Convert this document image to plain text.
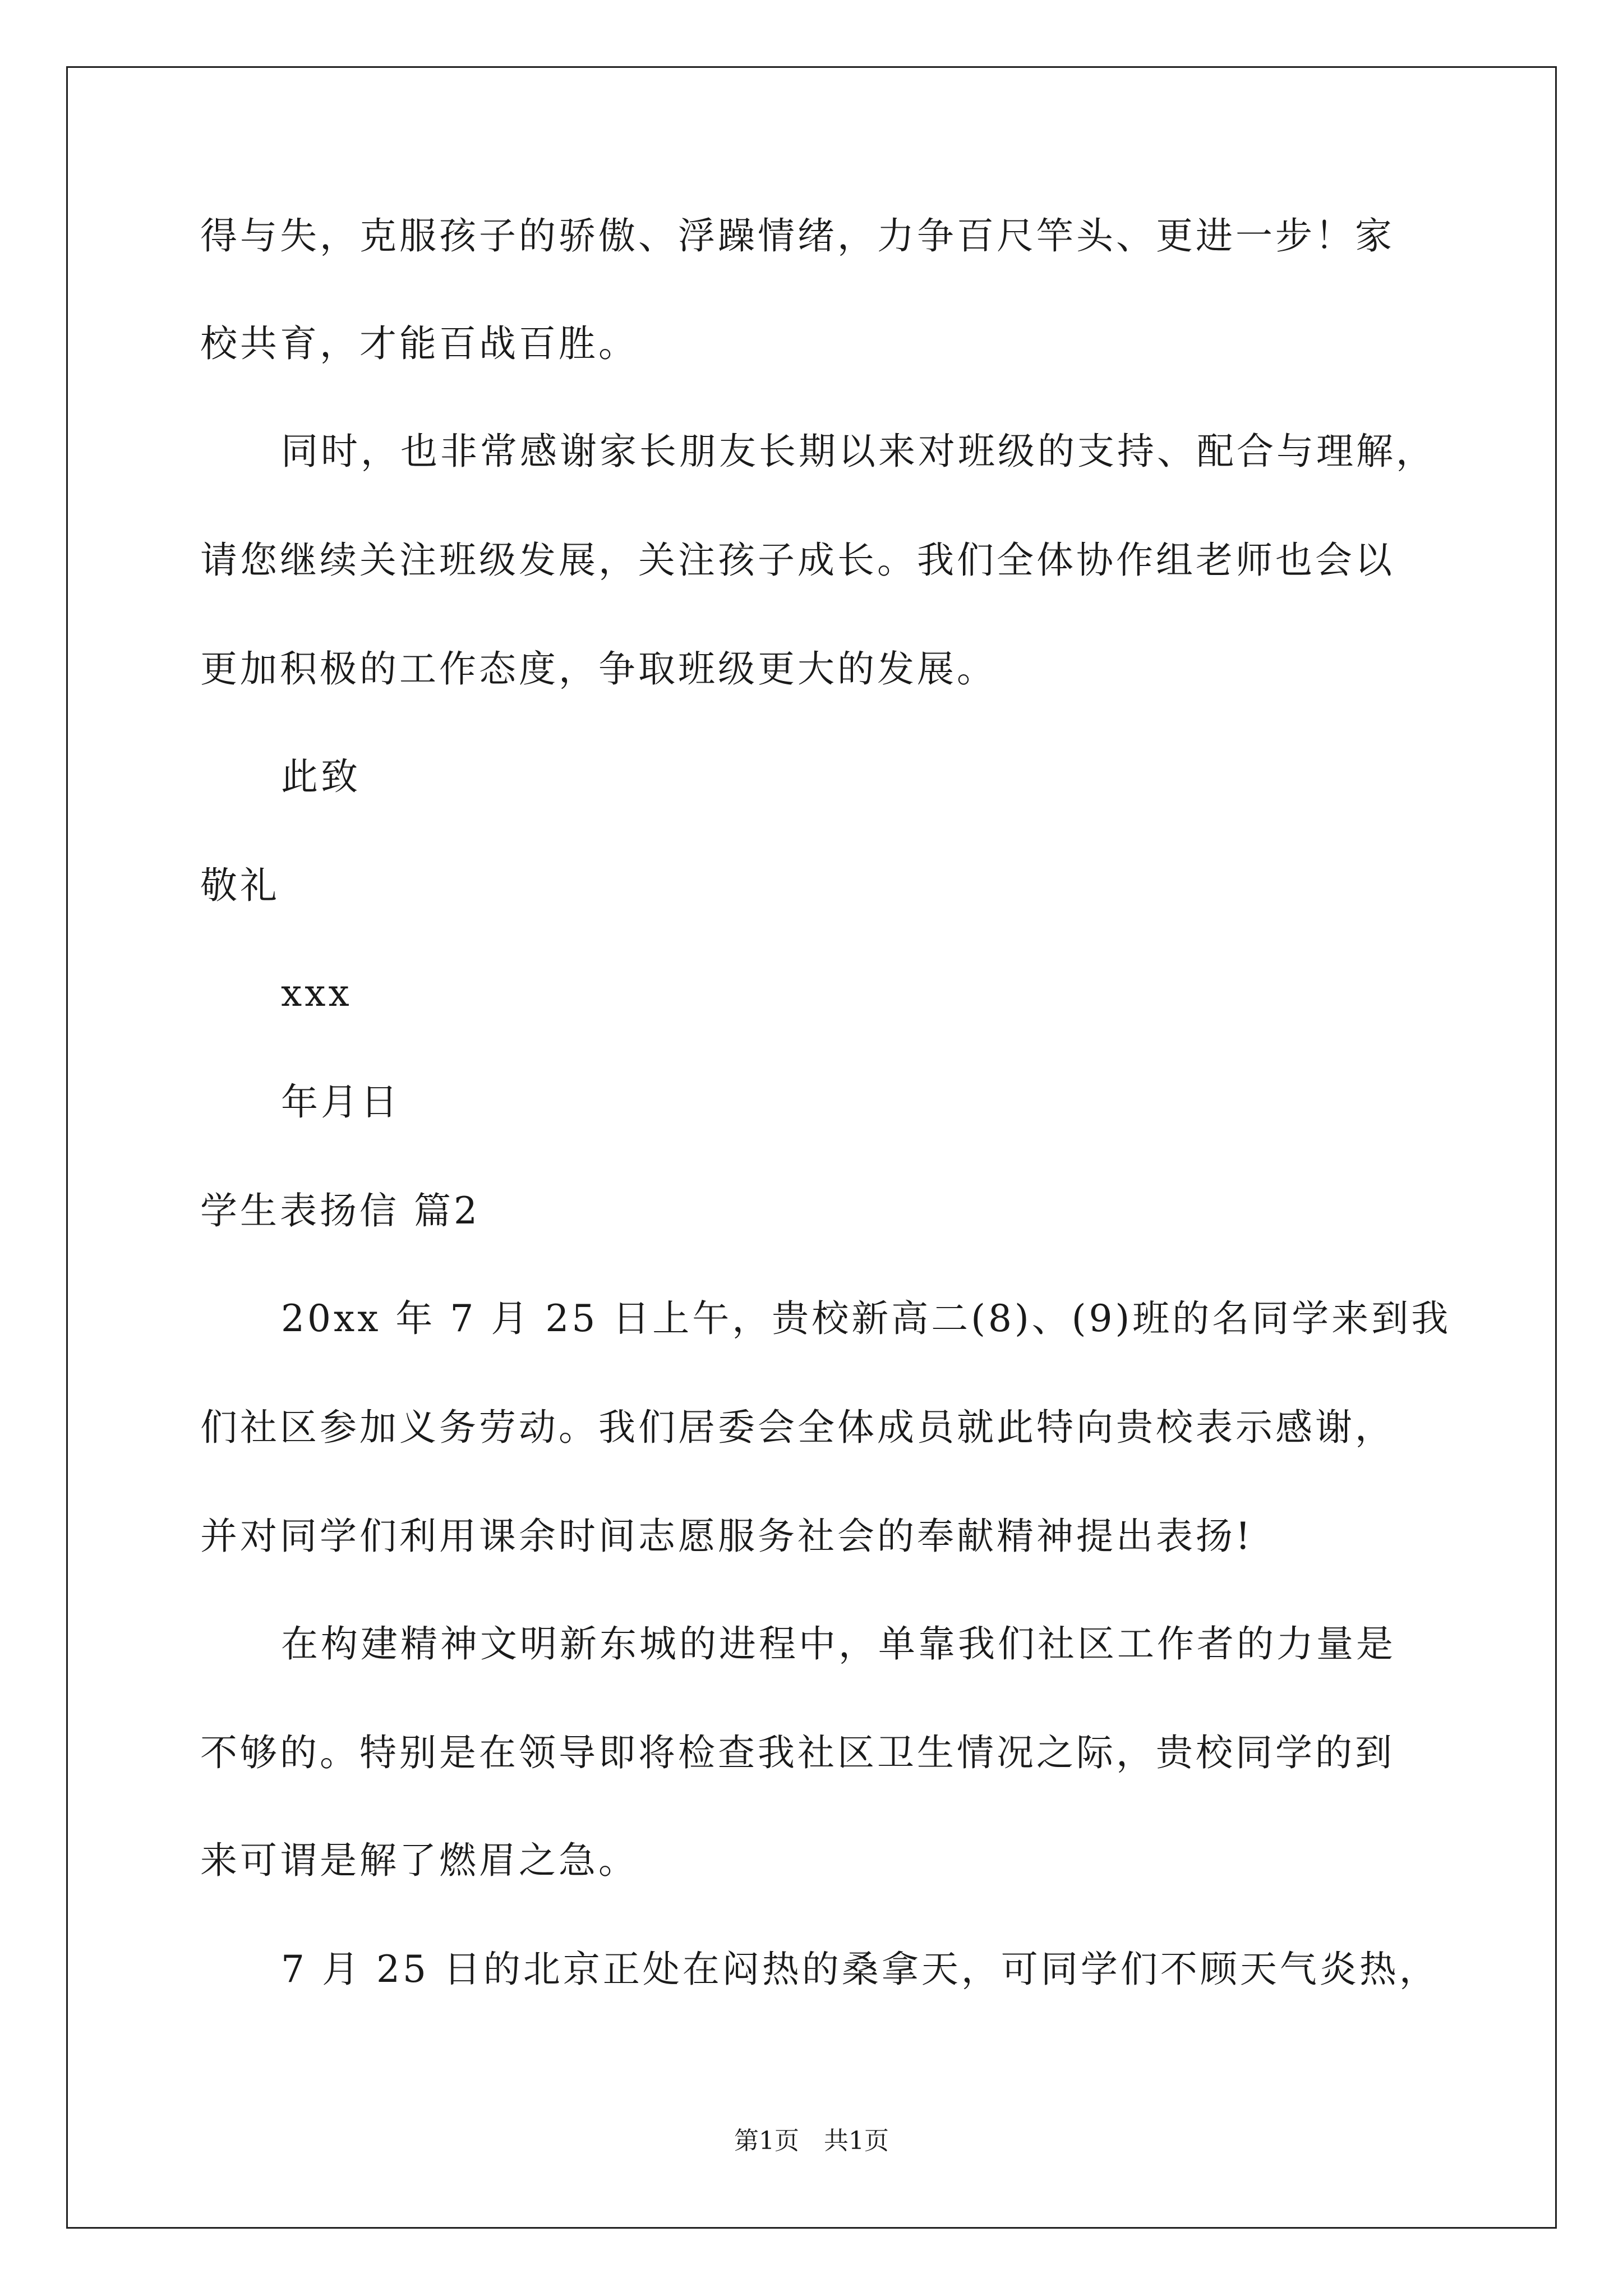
得与失，克服孩子的骄傲、浮躁情绪，力争百尺竿头、更进一步！家

校共育，才能百战百胜。

同时，也非常感谢家长朋友长期以来对班级的支持、配合与理解，

请您继续关注班级发展，关注孩子成长。我们全体协作组老师也会以

更加积极的工作态度，争取班级更大的发展。

此致

敬礼

xxx

年月日

学生表扬信 篇2

20xx 年 7 月 25 日上午，贵校新高二(8)、(9)班的名同学来到我

们社区参加义务劳动。我们居委会全体成员就此特向贵校表示感谢，

并对同学们利用课余时间志愿服务社会的奉献精神提出表扬!

在构建精神文明新东城的进程中，单靠我们社区工作者的力量是

不够的。特别是在领导即将检查我社区卫生情况之际，贵校同学的到

来可谓是解了燃眉之急。

7 月 25 日的北京正处在闷热的桑拿天，可同学们不顾天气炎热，

第1页　共1页
